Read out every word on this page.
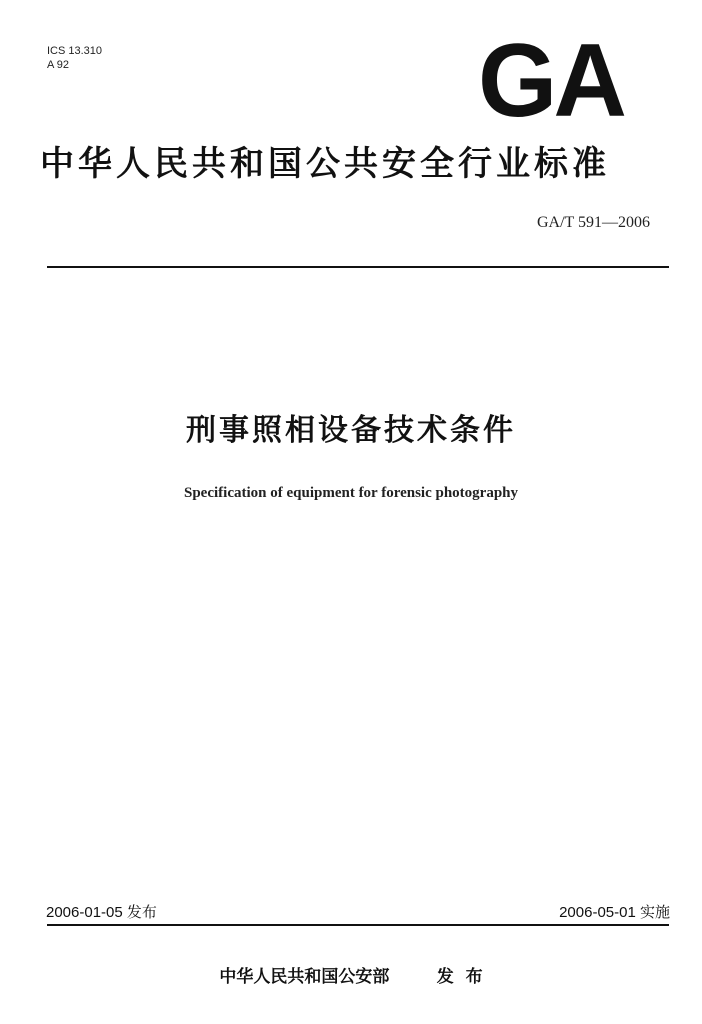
ICS 13.310
A 92	GA
中华人民共和国公共安全行业标准
GA/T 591—2006
刑事照相设备技术条件
Specification of equipment for forensic photography
2006-01-05 发布	2006-05-01 实施
中华人民共和国公安部	发  布
